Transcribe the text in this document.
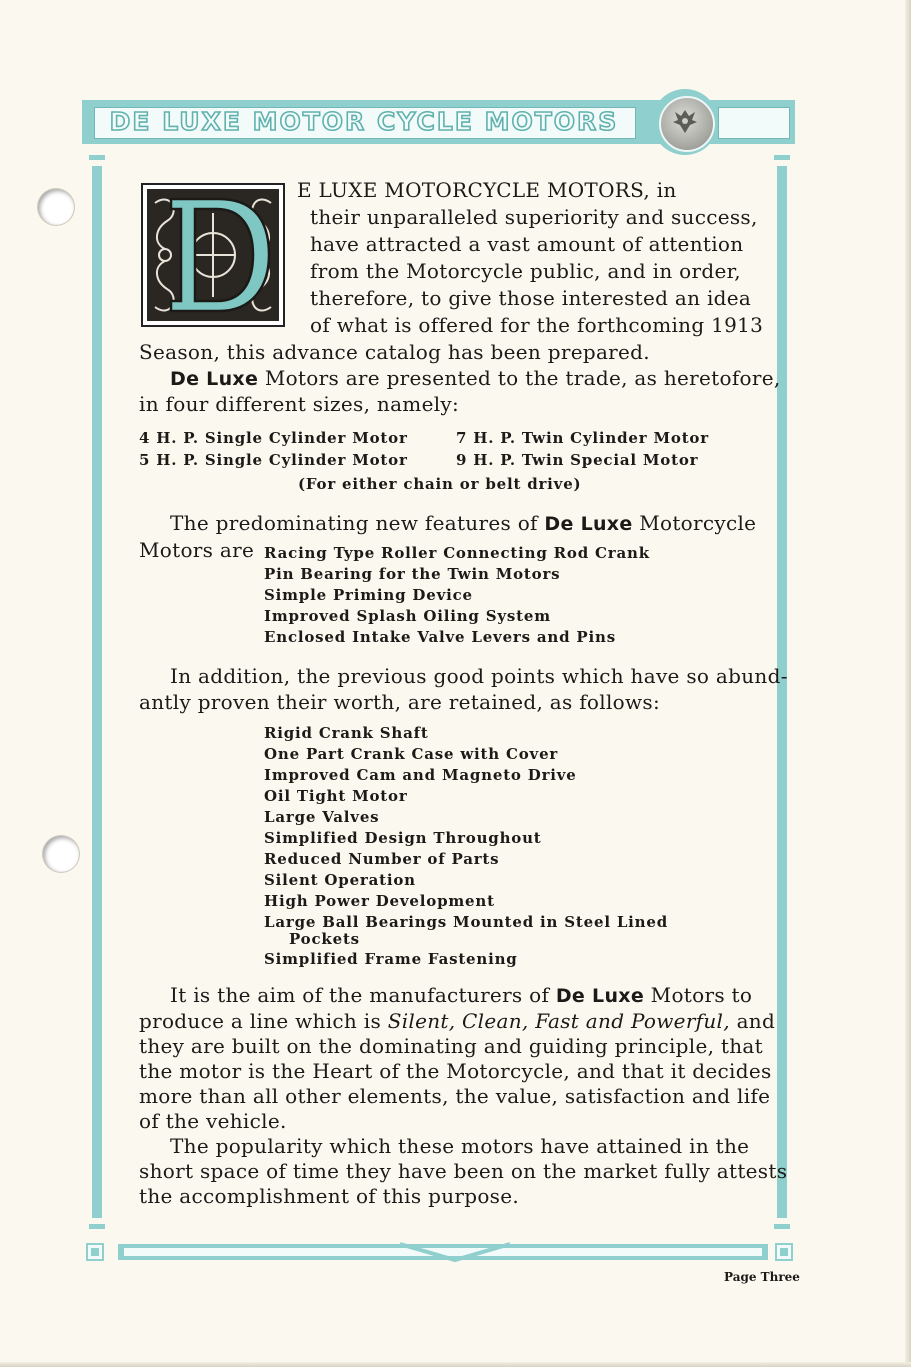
DE LUXE MOTOR CYCLE MOTORS
E LUXE MOTORCYCLE MOTORS, in
their unparalleled superiority and success,
have attracted a vast amount of attention
from the Motorcycle public, and in order,
therefore, to give those interested an idea
of what is offered for the forthcoming 1913
Season, this advance catalog has been prepared.
De Luxe Motors are presented to the trade, as heretofore,
in four different sizes, namely:
4 H. P. Single Cylinder Motor
5 H. P. Single Cylinder Motor
7 H. P. Twin Cylinder Motor
9 H. P. Twin Special Motor
(For either chain or belt drive)
The predominating new features of De Luxe Motorcycle
Motors are Racing Type Roller Connecting Rod Crank
Pin Bearing for the Twin Motors
Simple Priming Device
Improved Splash Oiling System
Enclosed Intake Valve Levers and Pins
In addition, the previous good points which have so abund-
antly proven their worth, are retained, as follows:
Rigid Crank Shaft
One Part Crank Case with Cover
Improved Cam and Magneto Drive
Oil Tight Motor
Large Valves
Simplified Design Throughout
Reduced Number of Parts
Silent Operation
High Power Development
Large Ball Bearings Mounted in Steel Lined
Pockets
Simplified Frame Fastening
It is the aim of the manufacturers of De Luxe Motors to
produce a line which is Silent, Clean, Fast and Powerful, and
they are built on the dominating and guiding principle, that
the motor is the Heart of the Motorcycle, and that it decides
more than all other elements, the value, satisfaction and life
of the vehicle.
The popularity which these motors have attained in the
short space of time they have been on the market fully attests
the accomplishment of this purpose.
Page Three
